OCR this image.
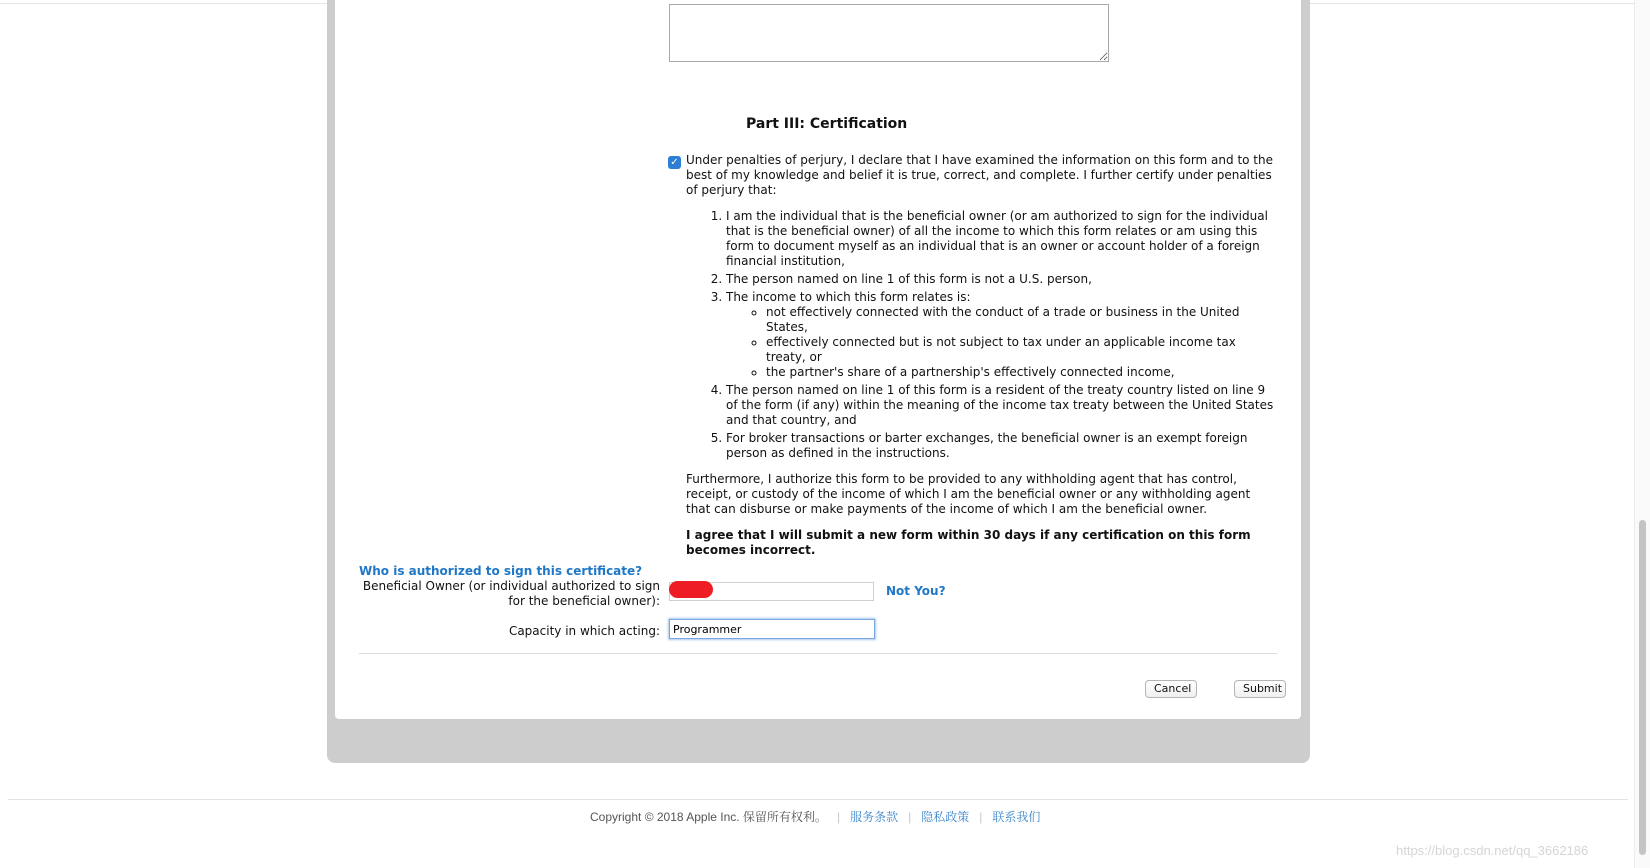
Part III: Certification
✓ Under penalties of perjury, I declare that I have examined the information on this form and to the best of my knowledge and belief it is true, correct, and complete. I further certify under penalties of perjury that:

1. I am the individual that is the beneficial owner (or am authorized to sign for the individual that is the beneficial owner) of all the income to which this form relates or am using this form to document myself as an individual that is an owner or account holder of a foreign financial institution,
2. The person named on line 1 of this form is not a U.S. person,
3. The income to which this form relates is:
◦ not effectively connected with the conduct of a trade or business in the United States,
◦ effectively connected but is not subject to tax under an applicable income tax treaty, or
◦ the partner's share of a partnership's effectively connected income,
4. The person named on line 1 of this form is a resident of the treaty country listed on line 9 of the form (if any) within the meaning of the income tax treaty between the United States and that country, and
5. For broker transactions or barter exchanges, the beneficial owner is an exempt foreign person as defined in the instructions.

Furthermore, I authorize this form to be provided to any withholding agent that has control, receipt, or custody of the income of which I am the beneficial owner or any withholding agent that can disburse or make payments of the income of which I am the beneficial owner.

I agree that I will submit a new form within 30 days if any certification on this form becomes incorrect.

Who is authorized to sign this certificate?
Beneficial Owner (or individual authorized to sign for the beneficial owner):
Not You?
Capacity in which acting:
Programmer
Cancel	Submit
Copyright © 2018 Apple Inc. 保留所有权利。 | 服务条款 | 隐私政策 | 联系我们
https://blog.csdn.net/qq_3662186
